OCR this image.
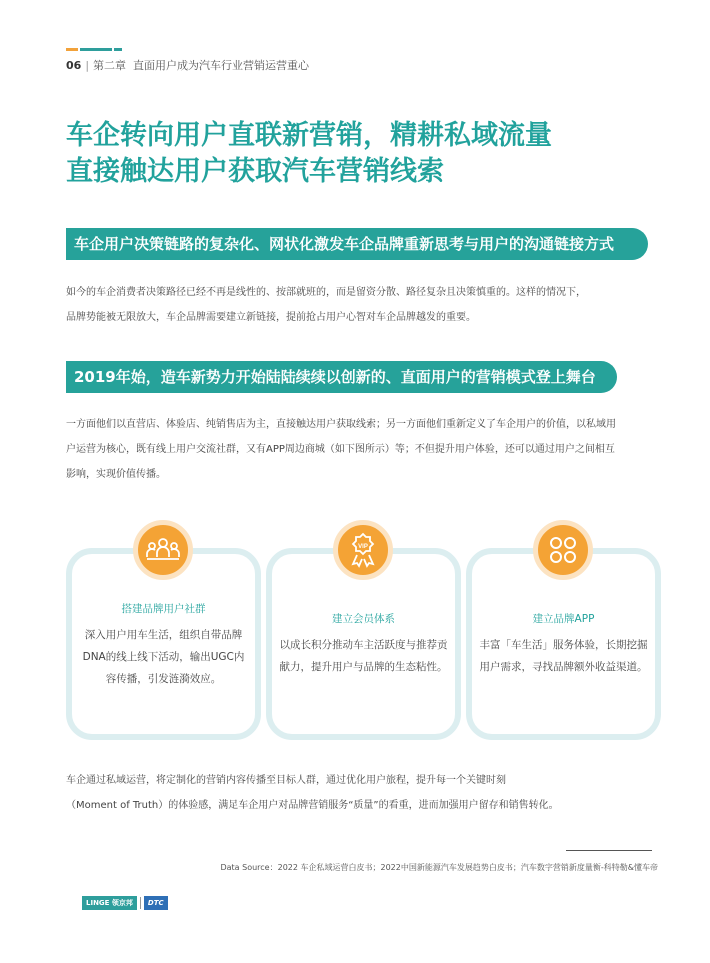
06 | 第二章 直面用户成为汽车行业营销运营重心
车企转向用户直联新营销，精耕私域流量
直接触达用户获取汽车营销线索
车企用户决策链路的复杂化、网状化激发车企品牌重新思考与用户的沟通链接方式

如今的车企消费者决策路径已经不再是线性的、按部就班的，而是留资分散、路径复杂且决策慎重的。这样的情况下，

品牌势能被无限放大，车企品牌需要建立新链接，提前抢占用户心智对车企品牌越发的重要。

2019年始，造车新势力开始陆陆续续以创新的、直面用户的营销模式登上舞台

一方面他们以直营店、体验店、纯销售店为主，直接触达用户获取线索；另一方面他们重新定义了车企用户的价值，以私域用

户运营为核心，既有线上用户交流社群，又有APP周边商城（如下图所示）等；不但提升用户体验，还可以通过用户之间相互

影响，实现价值传播。

搭建品牌用户社群
深入用户用车生活，组织自带品牌
DNA的线上线下活动，输出UGC内
容传播，引发涟漪效应。
建立会员体系
以成长积分推动车主活跃度与推荐贡
献力，提升用户与品牌的生态粘性。
建立品牌APP
丰富「车生活」服务体验，长期挖掘
用户需求，寻找品牌额外收益渠道。
VIP

车企通过私域运营，将定制化的营销内容传播至目标人群，通过优化用户旅程，提升每一个关键时刻

（Moment of Truth）的体验感，满足车企用户对品牌营销服务“质量”的看重，进而加强用户留存和销售转化。

Data Source：2022 车企私域运营白皮书；2022中国新能源汽车发展趋势白皮书；汽车数字营销新度量衡-科特勒&懂车帝
LINGE 领京邦	DTC
